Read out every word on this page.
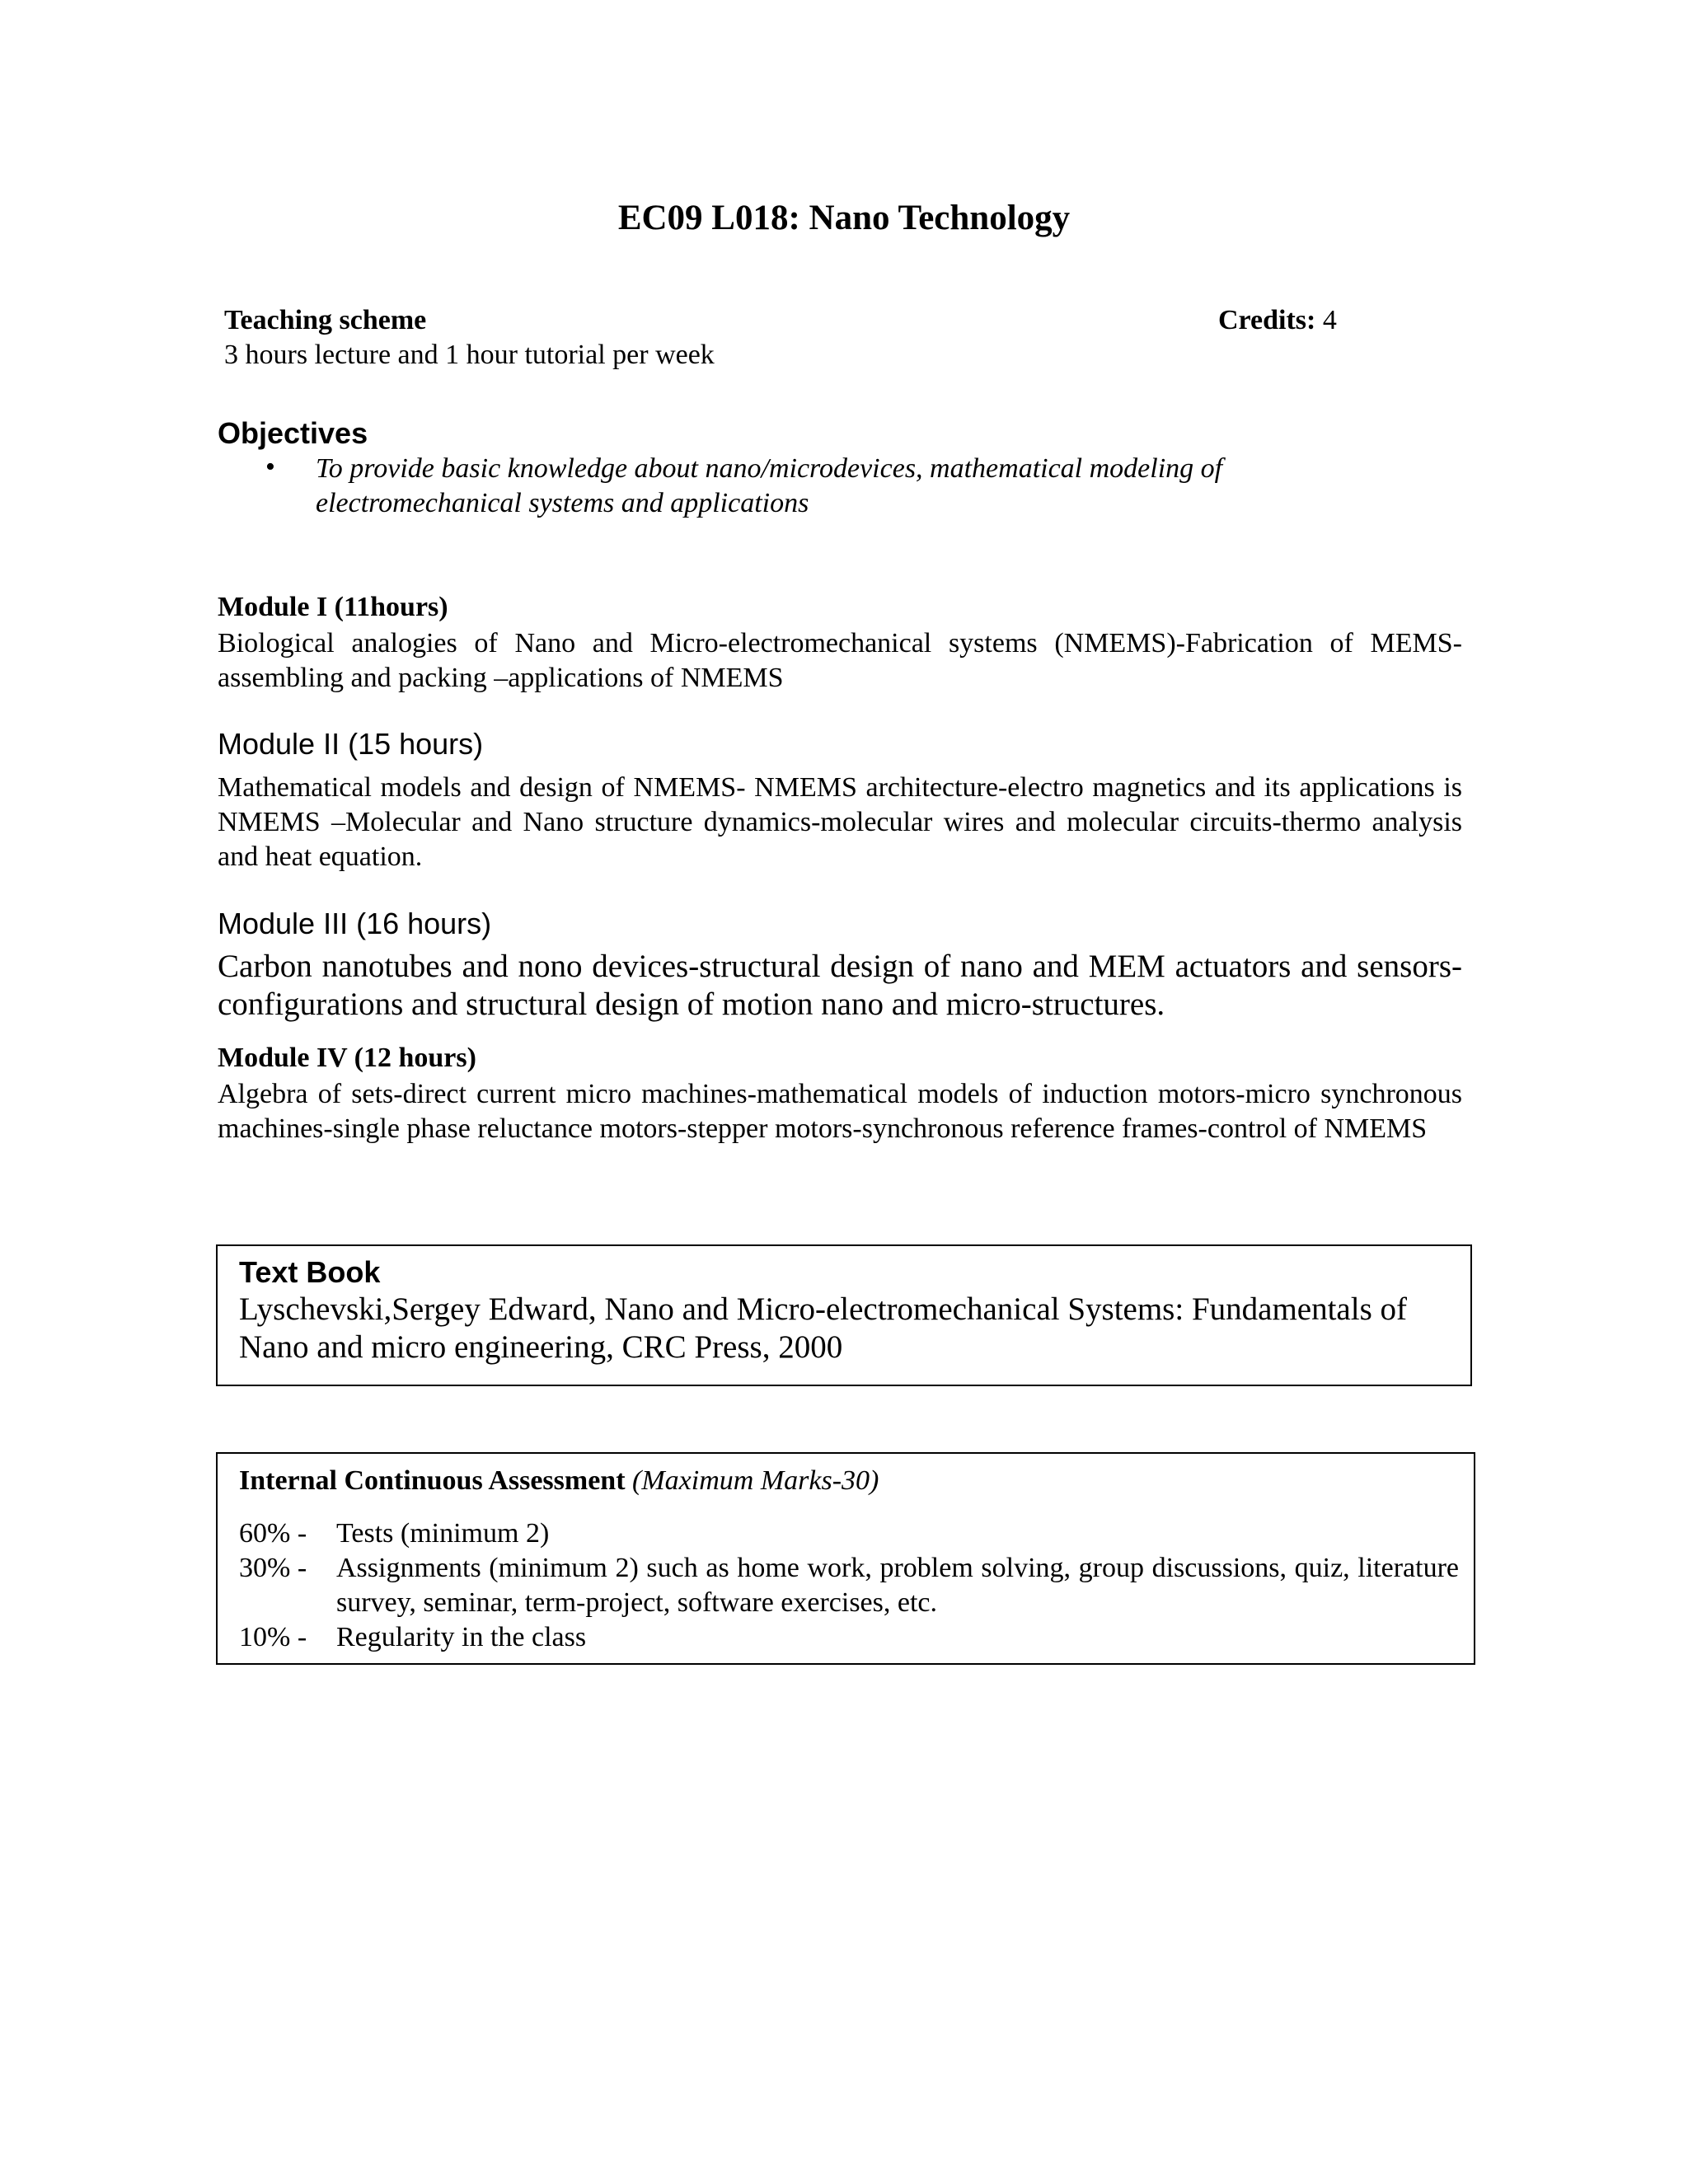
EC09 L018: Nano Technology
Teaching scheme	Credits: 4
3 hours lecture and 1 hour tutorial per week
Objectives
• To provide basic knowledge about nano/microdevices, mathematical modeling of electromechanical systems and applications
Module I (11hours)
Biological analogies of Nano and Micro-electromechanical systems (NMEMS)-Fabrication of MEMS-assembling and packing –applications of NMEMS
Module II (15 hours)
Mathematical models and design of NMEMS- NMEMS architecture-electro magnetics and its applications is NMEMS –Molecular and Nano structure dynamics-molecular wires and molecular circuits-thermo analysis and heat equation.
Module III (16 hours)
Carbon nanotubes and nono devices-structural design of nano and MEM actuators and sensors-configurations and structural design of motion nano and micro-structures.
Module IV (12 hours)
Algebra of sets-direct current micro machines-mathematical models of induction motors-micro synchronous machines-single phase reluctance motors-stepper motors-synchronous reference frames-control of NMEMS
Text Book
Lyschevski,Sergey Edward, Nano and Micro-electromechanical Systems: Fundamentals of Nano and micro engineering, CRC Press, 2000
Internal Continuous Assessment (Maximum Marks-30)
60% - Tests (minimum 2)
30% - Assignments (minimum 2) such as home work, problem solving, group discussions, quiz, literature survey, seminar, term-project, software exercises, etc.
10% - Regularity in the class
